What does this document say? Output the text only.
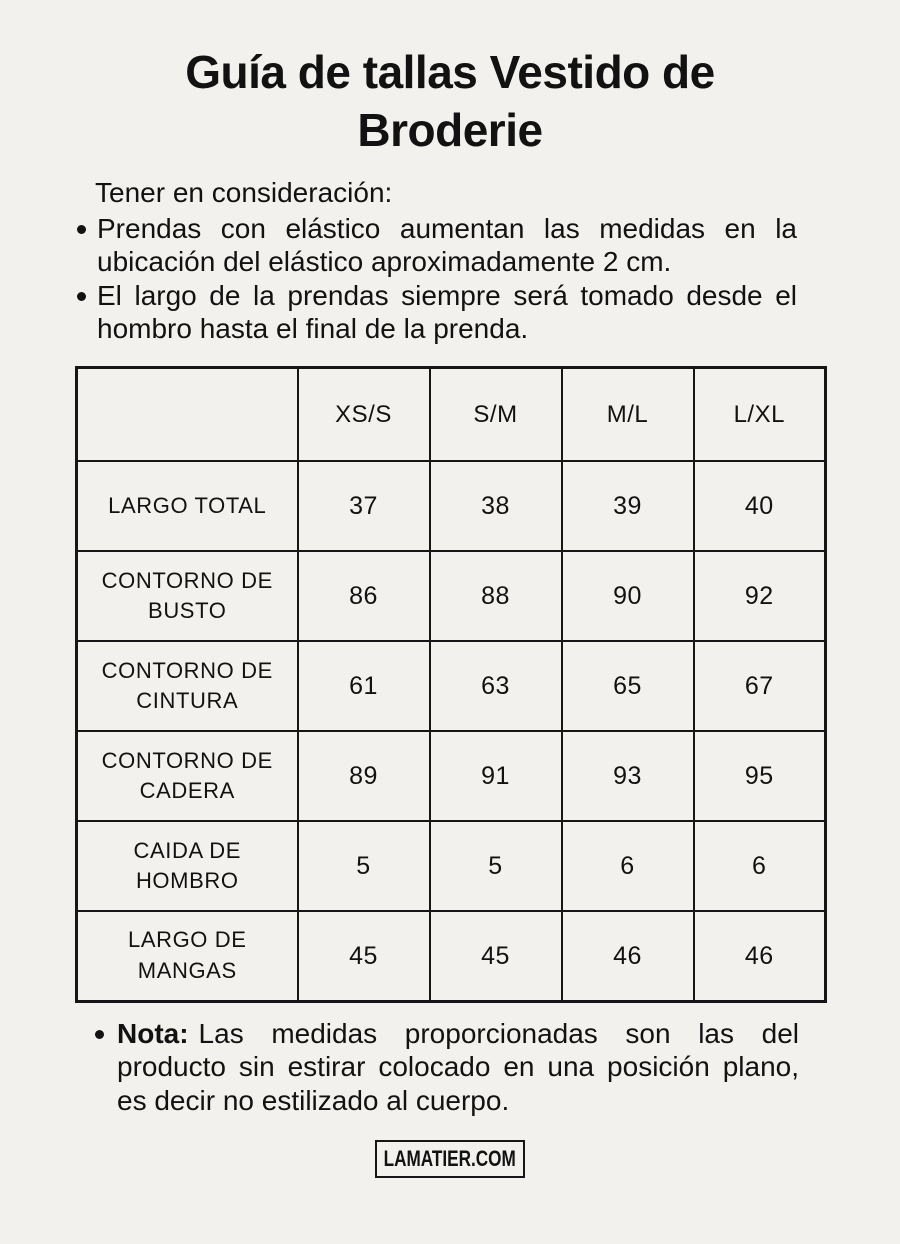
Guía de tallas Vestido de Broderie

Tener en consideración:

Prendas con elástico aumentan las medidas en la ubicación del elástico aproximadamente 2 cm.
El largo de la prendas siempre será tomado desde el hombro hasta el final de la prenda.
	XS/S	S/M	M/L	L/XL
LARGO TOTAL	37	38	39	40
CONTORNO DE BUSTO	86	88	90	92
CONTORNO DE CINTURA	61	63	65	67
CONTORNO DE CADERA	89	91	93	95
CAIDA DE HOMBRO	5	5	6	6
LARGO DE MANGAS	45	45	46	46

Nota: Las medidas proporcionadas son las del producto sin estirar colocado en una posición plano, es decir no estilizado al cuerpo.

LAMATIER.COM
